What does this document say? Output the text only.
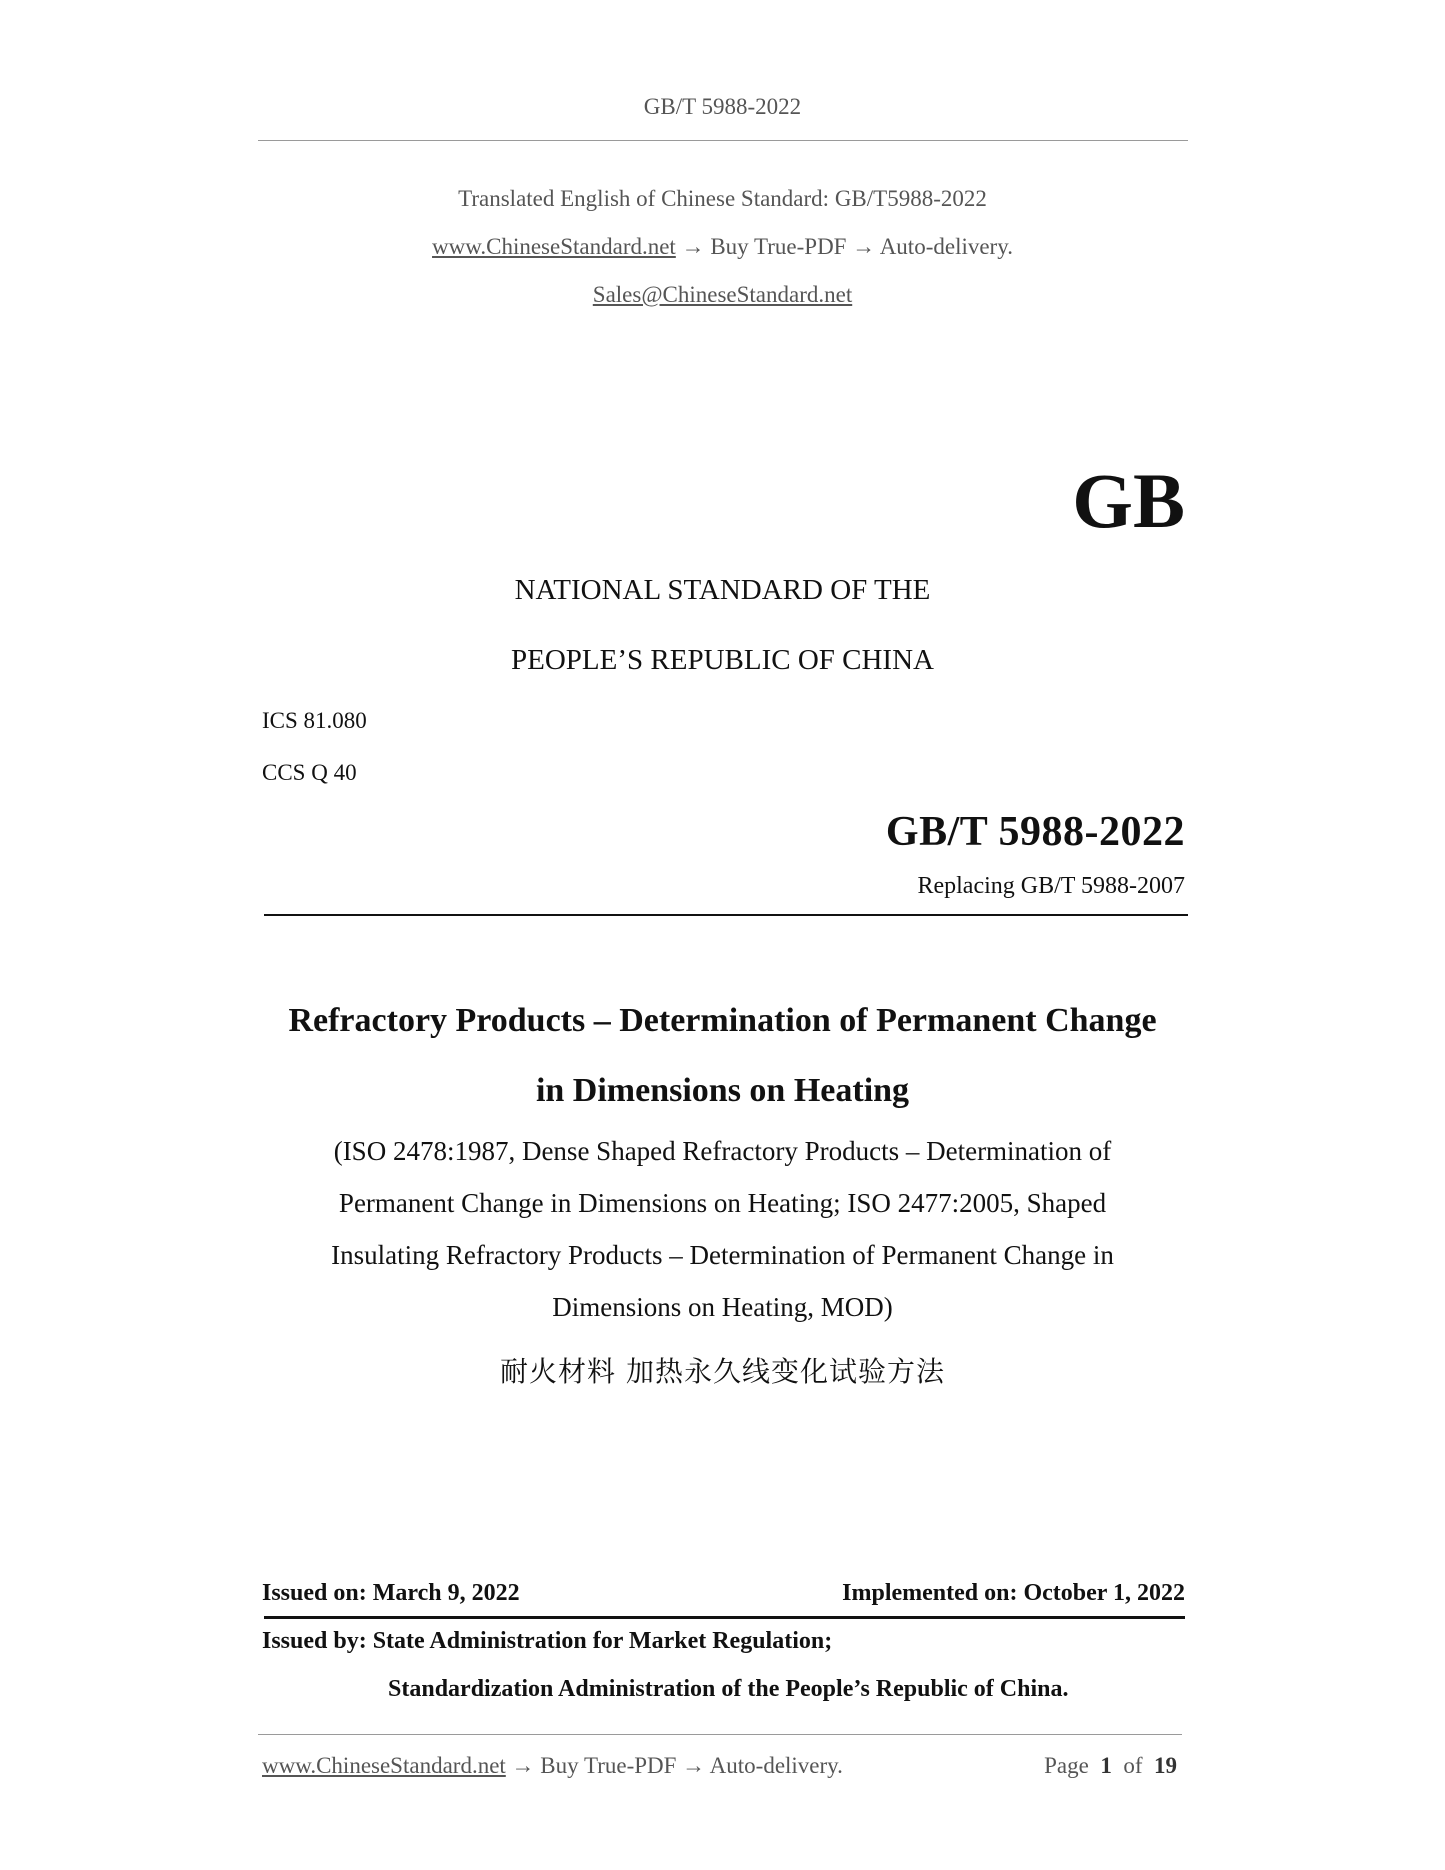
GB/T 5988-2022
Translated English of Chinese Standard: GB/T5988-2022
www.ChineseStandard.net → Buy True-PDF → Auto-delivery.
Sales@ChineseStandard.net
GB
NATIONAL STANDARD OF THE
PEOPLE’S REPUBLIC OF CHINA
ICS 81.080
CCS Q 40
GB/T 5988-2022
Replacing GB/T 5988-2007
Refractory Products – Determination of Permanent Change
in Dimensions on Heating
(ISO 2478:1987, Dense Shaped Refractory Products – Determination of
Permanent Change in Dimensions on Heating; ISO 2477:2005, Shaped
Insulating Refractory Products – Determination of Permanent Change in
Dimensions on Heating, MOD)
耐火材料 加热永久线变化试验方法
Issued on: March 9, 2022	Implemented on: October 1, 2022
Issued by: State Administration for Market Regulation;
Standardization Administration of the People’s Republic of China.
www.ChineseStandard.net → Buy True-PDF → Auto-delivery.	Page 1 of 19
